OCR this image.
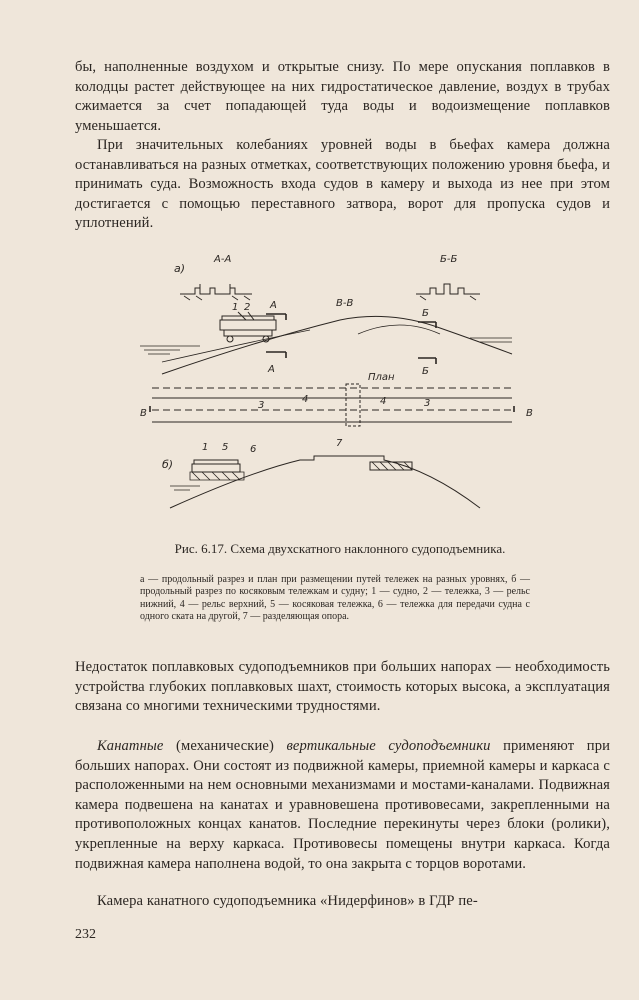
бы, наполненные воздухом и открытые снизу. По мере опускания поплавков в колодцы растет действующее на них гидростатическое давление, воздух в трубах сжимается за счет попадающей туда воды и водоизмещение поплавков уменьшается.

При значительных колебаниях уровней воды в бьефах камера должна останавливаться на разных отметках, соответствующих положению уровня бьефа, и принимать суда. Возможность входа судов в камеру и выхода из нее при этом достигается с помощью переставного затвора, ворот для пропуска судов и уплотнений.

а)
А-А	Б-Б
1 2 А	В-В
Б
А	Б
План
В	В
3
4	4	3
б)
1 5 6
7

Рис. 6.17. Схема двухскатного наклонного судоподъемника.

а — продольный разрез и план при размещении путей тележек на разных уровнях, б — продольный разрез по косяковым тележкам и судну; 1 — судно, 2 — тележка, 3 — рельс нижний, 4 — рельс верхний, 5 — косяковая тележка, 6 — тележка для передачи судна с одного ската на другой, 7 — разделяющая опора.

Недостаток поплавковых судоподъемников при больших напорах — необходимость устройства глубоких поплавковых шахт, стоимость которых высока, а эксплуатация связана со многими техническими трудностями.

Канатные (механические) вертикальные судоподъемники применяют при больших напорах. Они состоят из подвижной камеры, приемной камеры и каркаса с расположенными на нем основными механизмами и мостами-каналами. Подвижная камера подвешена на канатах и уравновешена противовесами, закрепленными на противоположных концах канатов. Последние перекинуты через блоки (ролики), укрепленные на верху каркаса. Противовесы помещены внутри каркаса. Когда подвижная камера наполнена водой, то она закрыта с торцов воротами.

Камера канатного судоподъемника «Нидерфинов» в ГДР пе-

232
